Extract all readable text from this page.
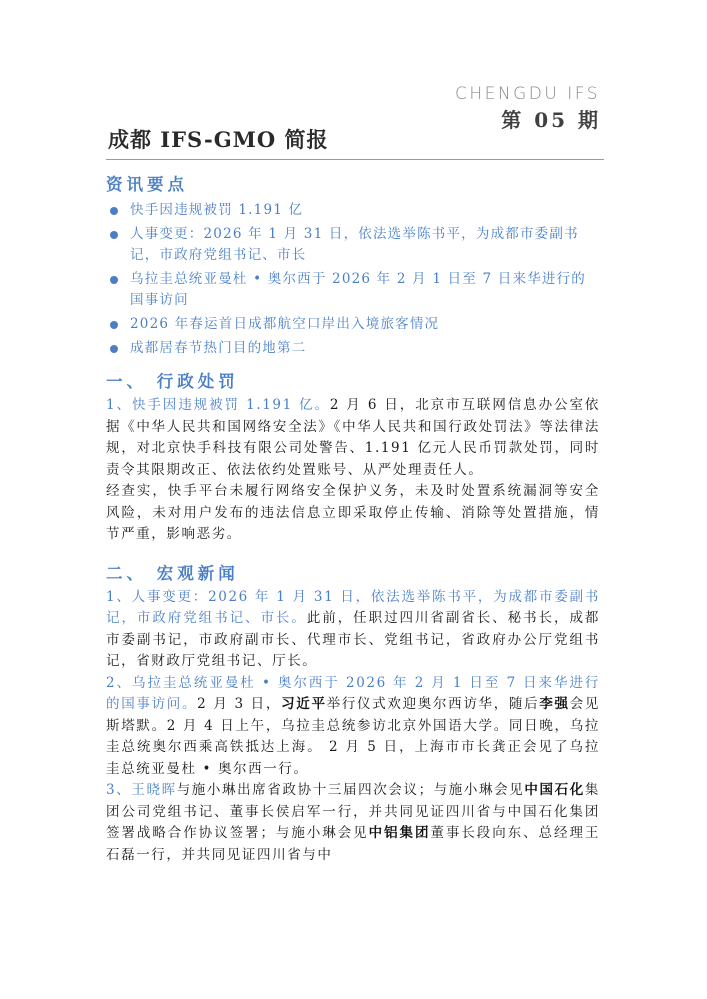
CHENGDU IFS
第 05 期
成都 IFS-GMO 简报
资讯要点
快手因违规被罚 1.191 亿
人事变更：2026 年 1 月 31 日，依法选举陈书平，为成都市委副书记，市政府党组书记、市长
乌拉圭总统亚曼杜 • 奥尔西于 2026 年 2 月 1 日至 7 日来华进行的国事访问
2026 年春运首日成都航空口岸出入境旅客情况
成都居春节热门目的地第二
一、 行政处罚

1、快手因违规被罚 1.191 亿。2 月 6 日，北京市互联网信息办公室依据《中华人民共和国网络安全法》《中华人民共和国行政处罚法》等法律法规，对北京快手科技有限公司处警告、1.191 亿元人民币罚款处罚，同时责令其限期改正、依法依约处置账号、从严处理责任人。

经查实，快手平台未履行网络安全保护义务，未及时处置系统漏洞等安全风险，未对用户发布的违法信息立即采取停止传输、消除等处置措施，情节严重，影响恶劣。

二、 宏观新闻

1、人事变更：2026 年 1 月 31 日，依法选举陈书平，为成都市委副书记，市政府党组书记、市长。此前，任职过四川省副省长、秘书长，成都市委副书记，市政府副市长、代理市长、党组书记，省政府办公厅党组书记，省财政厅党组书记、厅长。

2、乌拉圭总统亚曼杜 • 奥尔西于 2026 年 2 月 1 日至 7 日来华进行的国事访问。2 月 3 日，习近平举行仪式欢迎奥尔西访华，随后李强会见斯塔默。2 月 4 日上午，乌拉圭总统参访北京外国语大学。同日晚，乌拉圭总统奥尔西乘高铁抵达上海。 2 月 5 日，上海市市长龚正会见了乌拉圭总统亚曼杜 • 奥尔西一行。

3、王晓晖与施小琳出席省政协十三届四次会议；与施小琳会见中国石化集团公司党组书记、董事长侯启军一行，并共同见证四川省与中国石化集团签署战略合作协议签署；与施小琳会见中铝集团董事长段向东、总经理王石磊一行，并共同见证四川省与中
